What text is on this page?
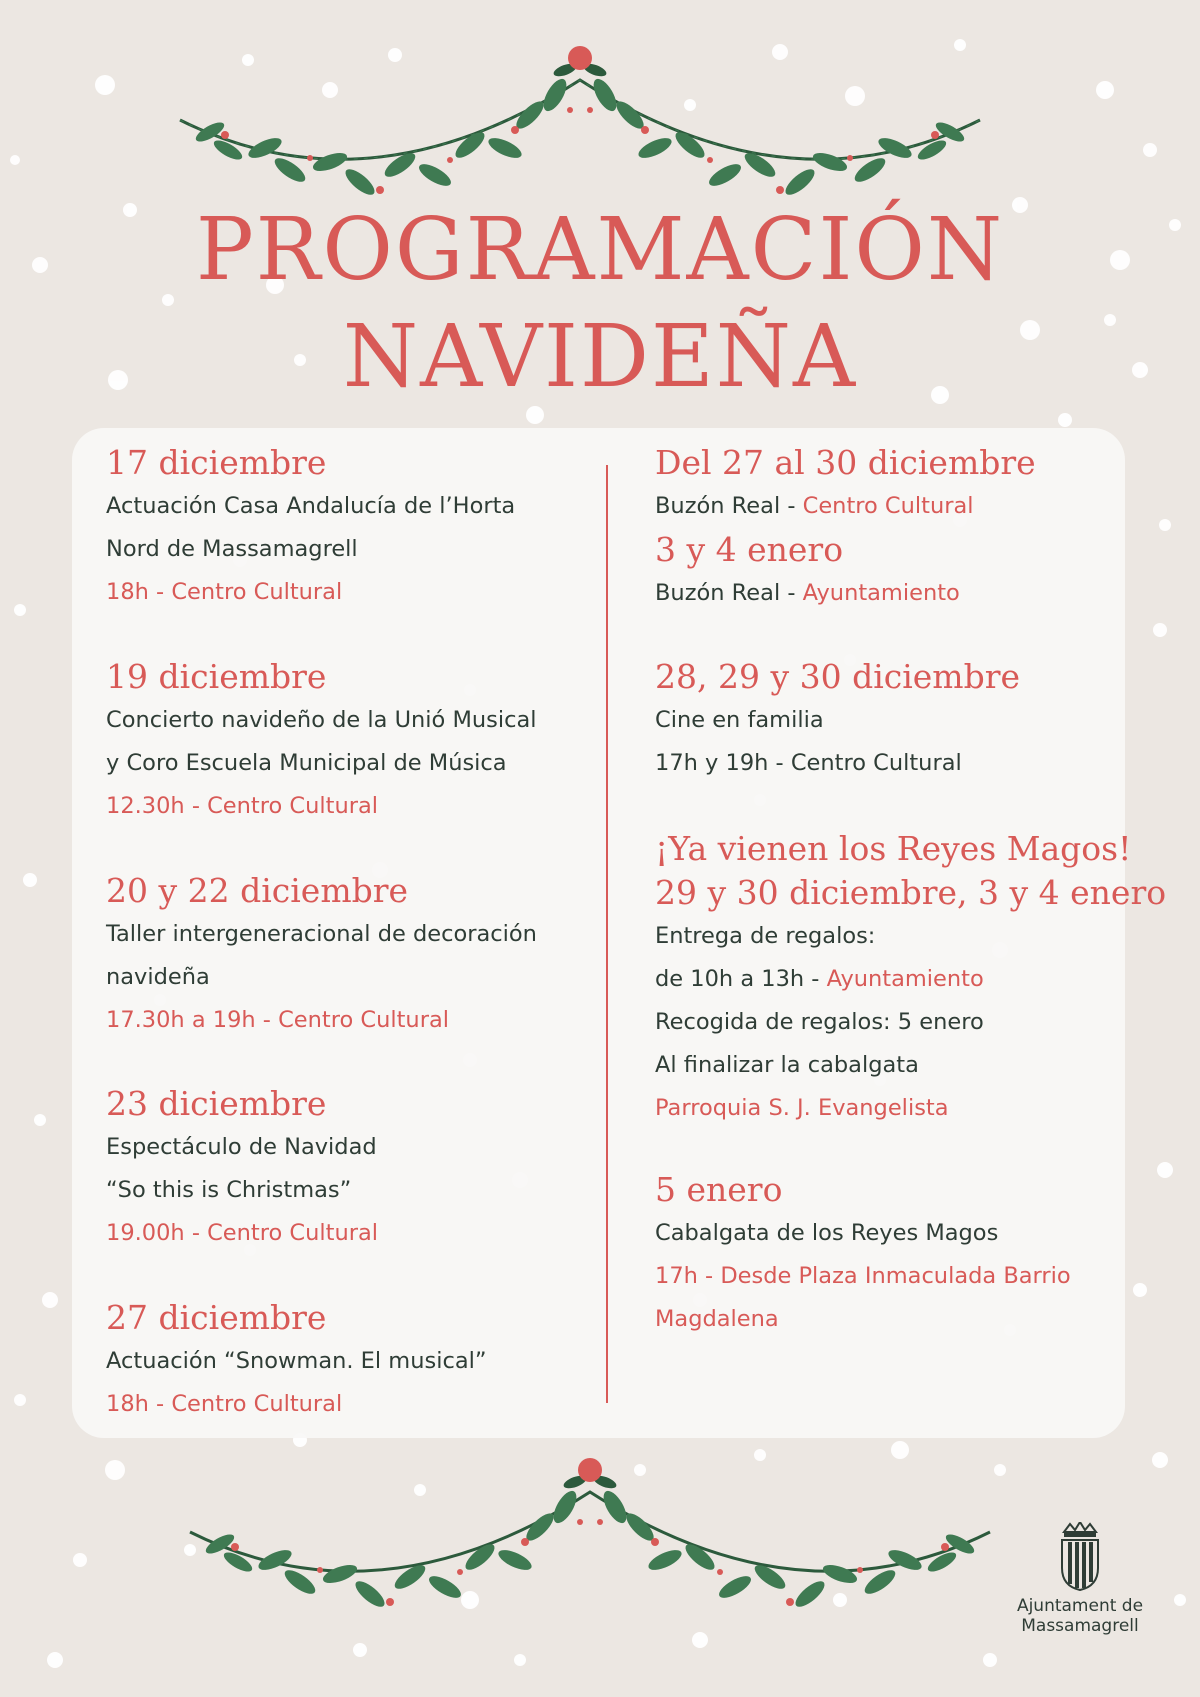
PROGRAMACIÓN
NAVIDEÑA
17 diciembre
Actuación Casa Andalucía de l’Horta
Nord de Massamagrell
18h - Centro Cultural
19 diciembre
Concierto navideño de la Unió Musical
y Coro Escuela Municipal de Música
12.30h - Centro Cultural
20 y 22 diciembre
Taller intergeneracional de decoración
navideña
17.30h a 19h - Centro Cultural
23 diciembre
Espectáculo de Navidad
“So this is Christmas”
19.00h - Centro Cultural
27 diciembre
Actuación “Snowman. El musical”
18h - Centro Cultural
Del 27 al 30 diciembre
Buzón Real - Centro Cultural
3 y 4 enero
Buzón Real - Ayuntamiento
28, 29 y 30 diciembre
Cine en familia
17h y 19h - Centro Cultural
¡Ya vienen los Reyes Magos!
29 y 30 diciembre, 3 y 4 enero
Entrega de regalos:
de 10h a 13h - Ayuntamiento
Recogida de regalos: 5 enero
Al finalizar la cabalgata
Parroquia S. J. Evangelista
5 enero
Cabalgata de los Reyes Magos
17h - Desde Plaza Inmaculada Barrio
Magdalena
Ajuntament de
Massamagrell
